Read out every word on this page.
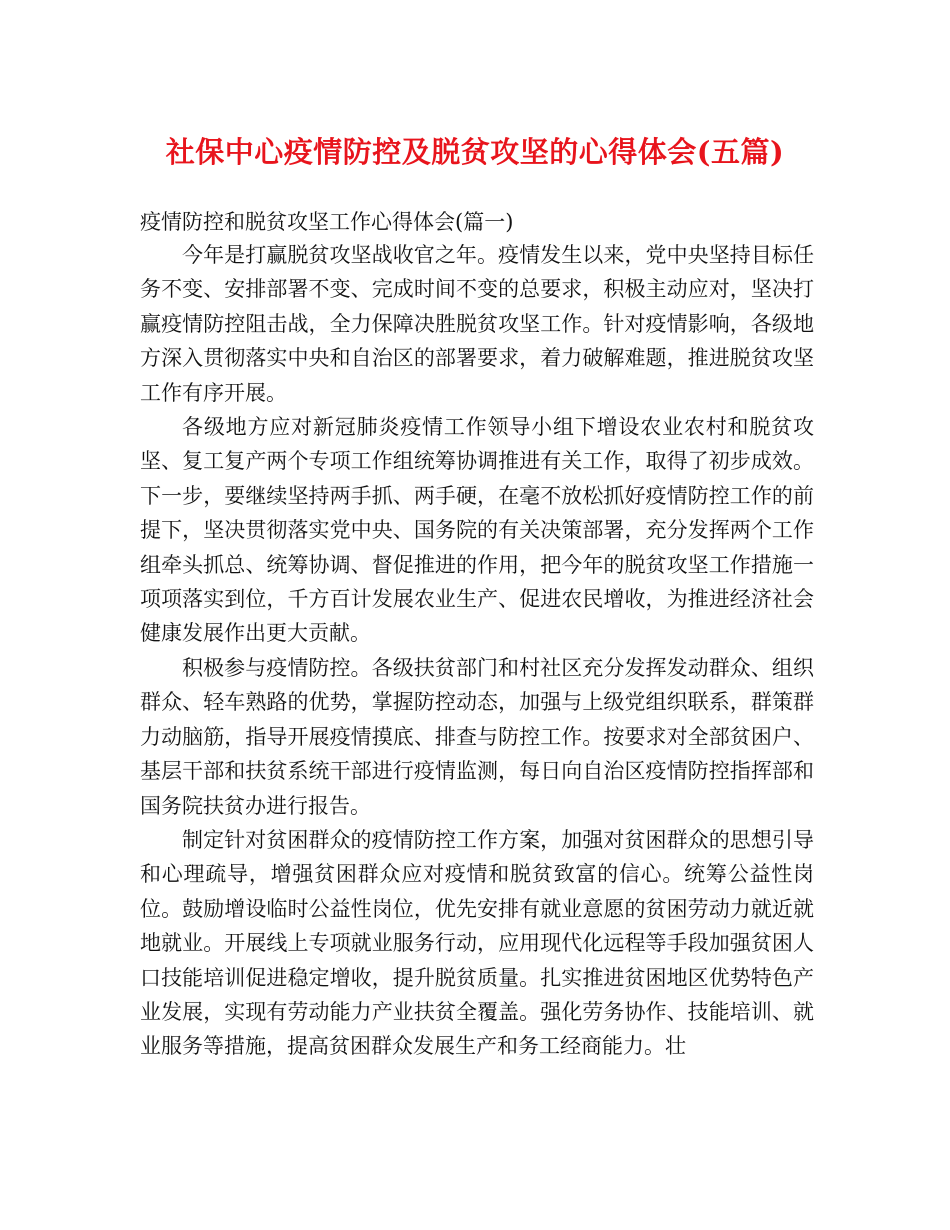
社保中心疫情防控及脱贫攻坚的心得体会(五篇)
疫情防控和脱贫攻坚工作心得体会(篇一)

今年是打赢脱贫攻坚战收官之年。疫情发生以来，党中央坚持目标任务不变、安排部署不变、完成时间不变的总要求，积极主动应对，坚决打赢疫情防控阻击战，全力保障决胜脱贫攻坚工作。针对疫情影响，各级地方深入贯彻落实中央和自治区的部署要求，着力破解难题，推进脱贫攻坚工作有序开展。

各级地方应对新冠肺炎疫情工作领导小组下增设农业农村和脱贫攻坚、复工复产两个专项工作组统筹协调推进有关工作，取得了初步成效。下一步，要继续坚持两手抓、两手硬，在毫不放松抓好疫情防控工作的前提下，坚决贯彻落实党中央、国务院的有关决策部署，充分发挥两个工作组牵头抓总、统筹协调、督促推进的作用，把今年的脱贫攻坚工作措施一项项落实到位，千方百计发展农业生产、促进农民增收，为推进经济社会健康发展作出更大贡献。

积极参与疫情防控。各级扶贫部门和村社区充分发挥发动群众、组织群众、轻车熟路的优势，掌握防控动态，加强与上级党组织联系，群策群力动脑筋，指导开展疫情摸底、排查与防控工作。按要求对全部贫困户、基层干部和扶贫系统干部进行疫情监测，每日向自治区疫情防控指挥部和国务院扶贫办进行报告。

制定针对贫困群众的疫情防控工作方案，加强对贫困群众的思想引导和心理疏导，增强贫困群众应对疫情和脱贫致富的信心。统筹公益性岗位。鼓励增设临时公益性岗位，优先安排有就业意愿的贫困劳动力就近就地就业。开展线上专项就业服务行动，应用现代化远程等手段加强贫困人口技能培训促进稳定增收，提升脱贫质量。扎实推进贫困地区优势特色产业发展，实现有劳动能力产业扶贫全覆盖。强化劳务协作、技能培训、就业服务等措施，提高贫困群众发展生产和务工经商能力。壮
